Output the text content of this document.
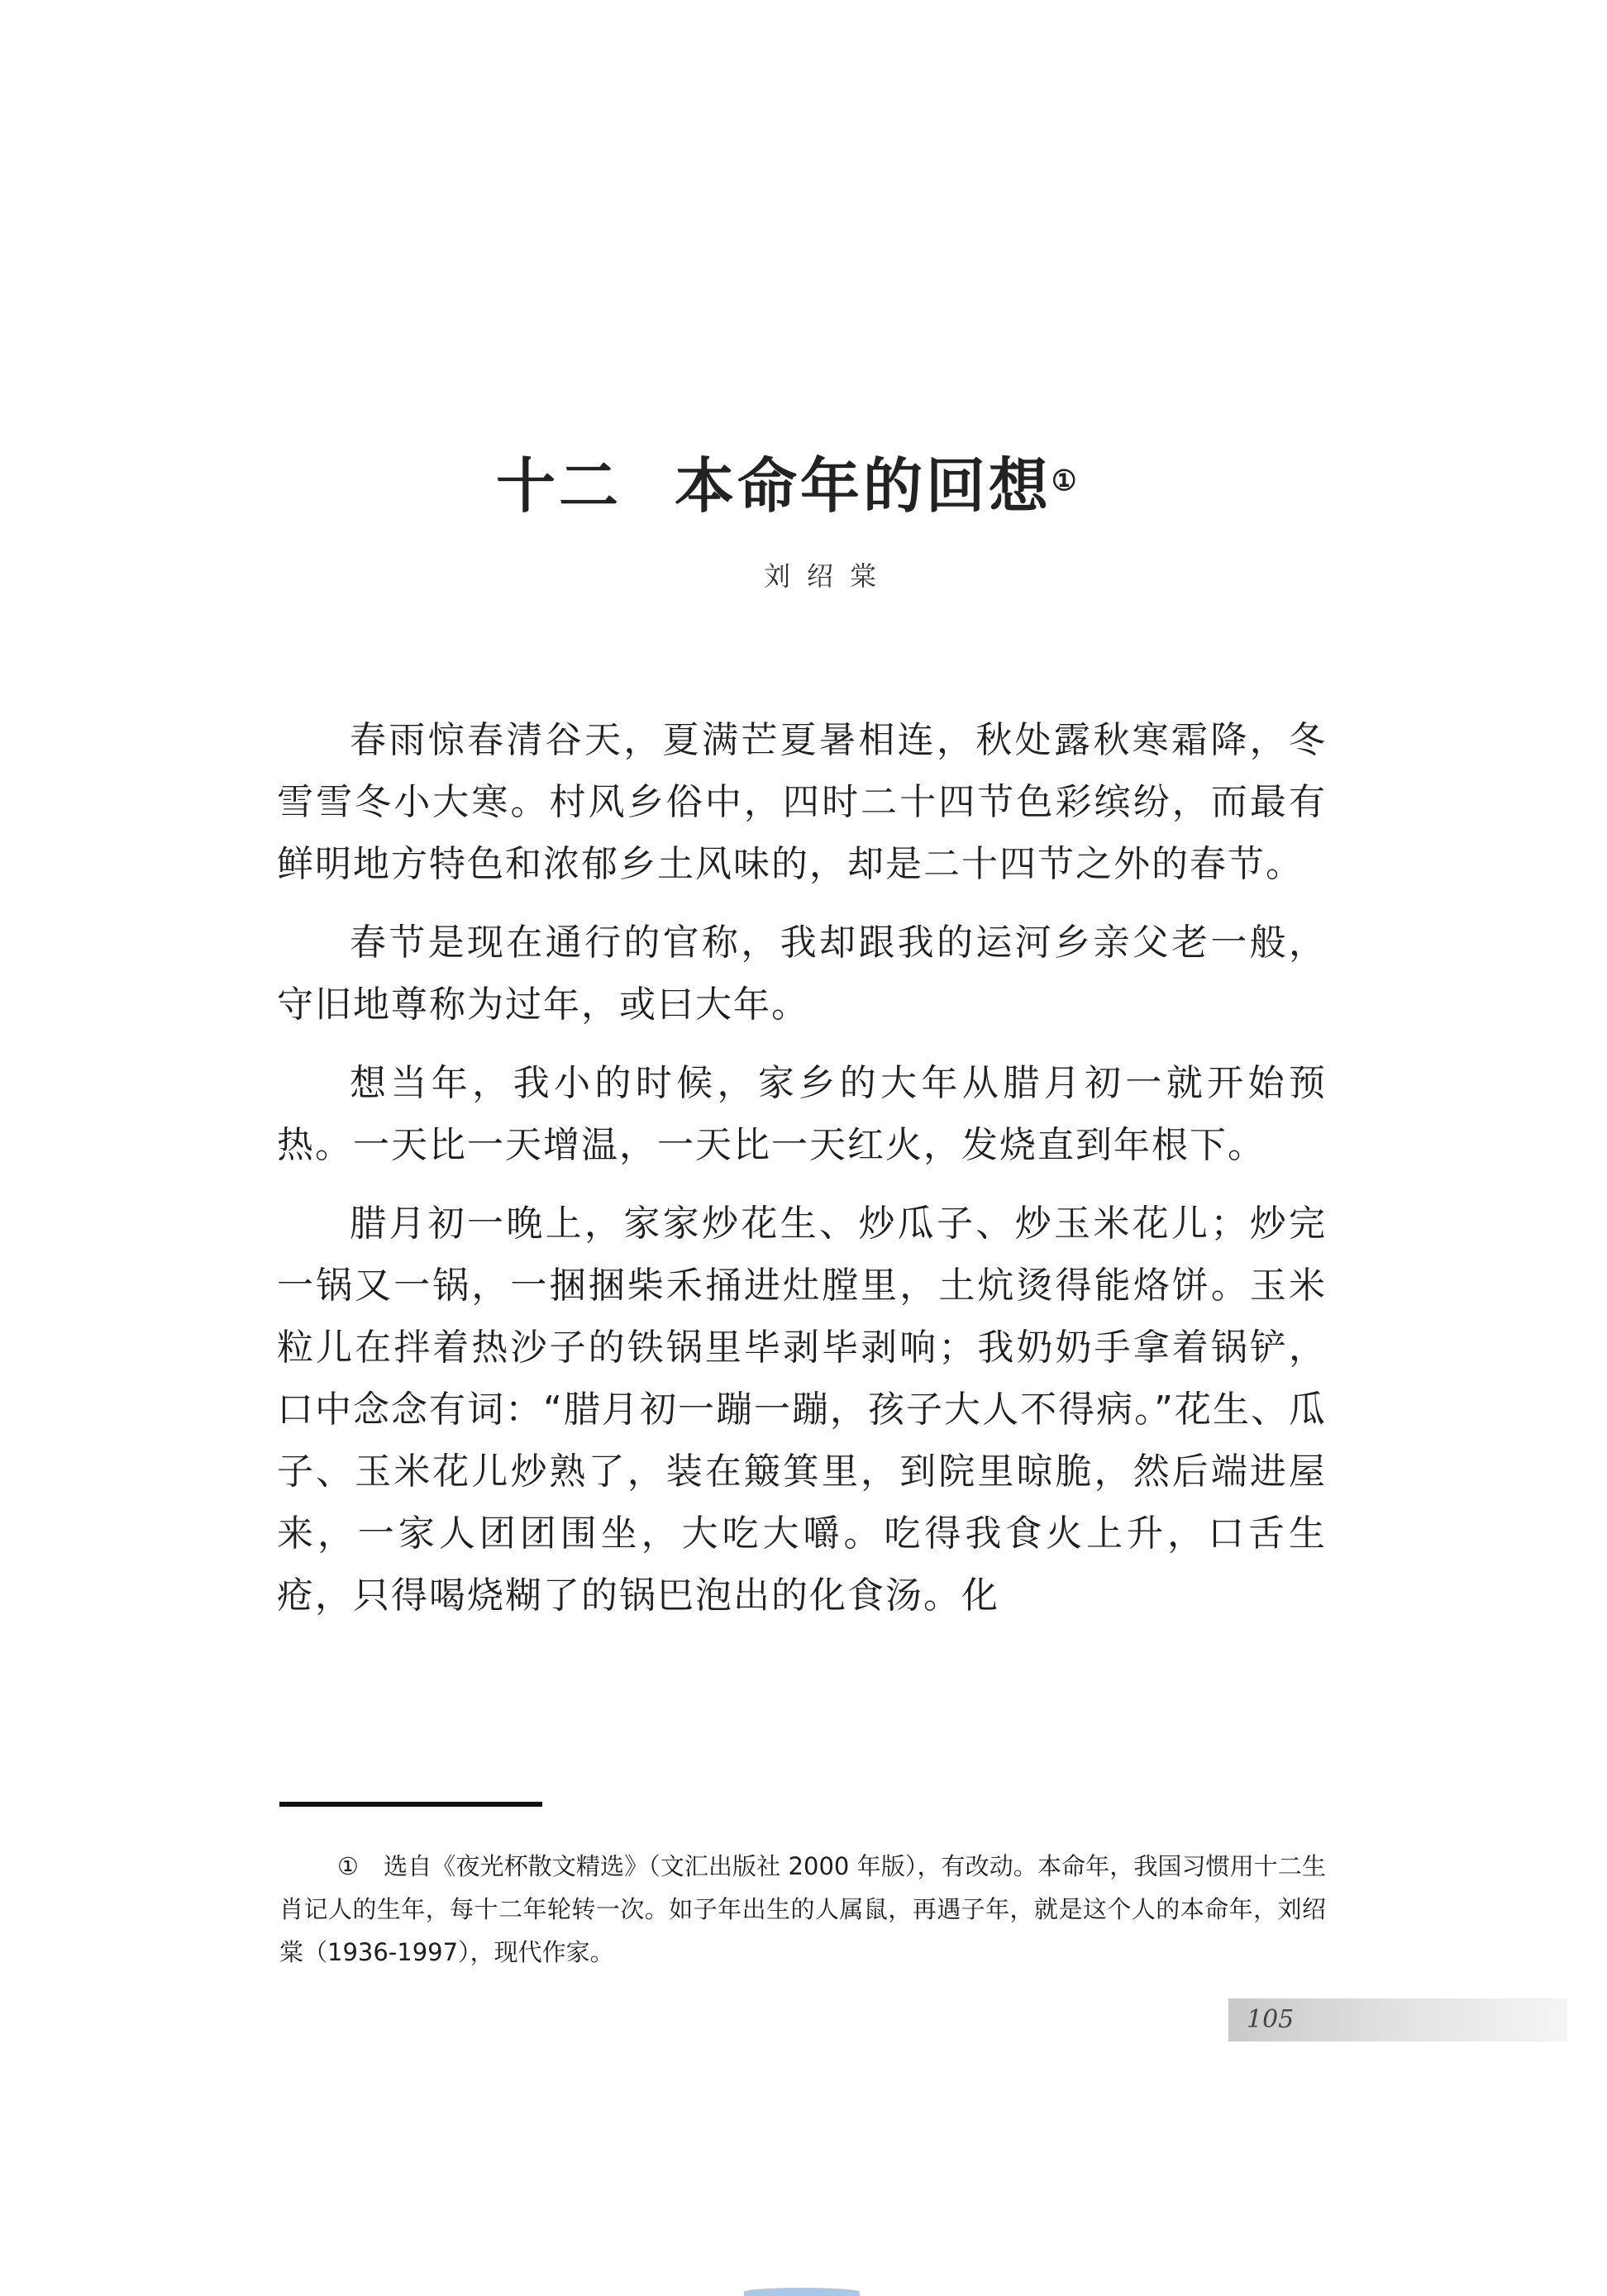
十二 本命年的回想①
刘绍棠

春雨惊春清谷天，夏满芒夏暑相连，秋处露秋寒霜降，冬雪雪冬小大寒。村风乡俗中，四时二十四节色彩缤纷，而最有鲜明地方特色和浓郁乡土风味的，却是二十四节之外的春节。

春节是现在通行的官称，我却跟我的运河乡亲父老一般，守旧地尊称为过年，或曰大年。

想当年，我小的时候，家乡的大年从腊月初一就开始预热。一天比一天增温，一天比一天红火，发烧直到年根下。

腊月初一晚上，家家炒花生、炒瓜子、炒玉米花儿；炒完一锅又一锅，一捆捆柴禾捅进灶膛里，土炕烫得能烙饼。玉米粒儿在拌着热沙子的铁锅里毕剥毕剥响；我奶奶手拿着锅铲，口中念念有词：“腊月初一蹦一蹦，孩子大人不得病。”花生、瓜子、玉米花儿炒熟了，装在簸箕里，到院里晾脆，然后端进屋来，一家人团团围坐，大吃大嚼。吃得我食火上升，口舌生疮，只得喝烧糊了的锅巴泡出的化食汤。化

① 选自《夜光杯散文精选》（文汇出版社 2000 年版），有改动。本命年，我国习惯用十二生肖记人的生年，每十二年轮转一次。如子年出生的人属鼠，再遇子年，就是这个人的本命年，刘绍棠（1936-1997），现代作家。
105
